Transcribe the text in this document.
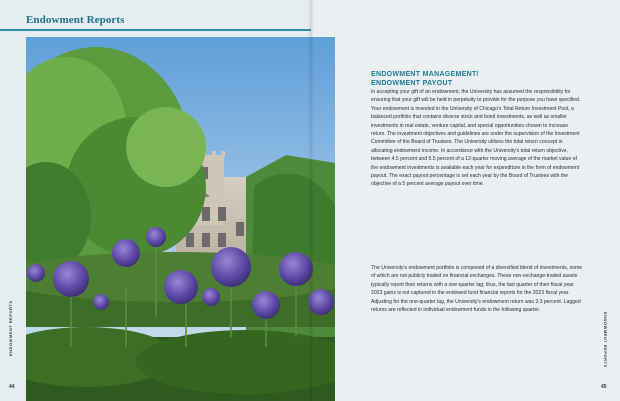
Endowment Reports
ENDOWMENT REPORTS	ENDOWMENT REPORTS
44	45
ENDOWMENT MANAGEMENT/
ENDOWMENT PAYOUT

In accepting your gift of an endowment, the University has assumed the responsibility for ensuring that your gift will be held in perpetuity to provide for the purpose you have specified. Your endowment is invested in the University of Chicago's Total Return Investment Pool, a balanced portfolio that contains diverse stock and bond investments, as well as smaller investments in real estate, venture capital, and special opportunities chosen to increase return. The investment objectives and guidelines are under the supervision of the Investment Committee of the Board of Trustees. The University utilizes the total return concept in allocating endowment income. In accordance with the University's total return objective, between 4.5 percent and 5.5 percent of a 12-quarter moving average of the market value of the endowment investments is available each year for expenditure in the form of endowment payout. The exact payout percentage is set each year by the Board of Trustees with the objective of a 5 percent average payout over time.

The University's endowment portfolio is composed of a diversified blend of investments, some of which are not publicly traded on financial exchanges. These non-exchange-traded assets typically report their returns with a one-quarter lag; thus, the last quarter of their fiscal year 2023 gains is not captured in the endowed fund financial reports for the 2023 fiscal year. Adjusting for the one-quarter lag, the University's endowment return was 3.3 percent. Lagged returns are reflected in individual endowment funds in the following quarter.
